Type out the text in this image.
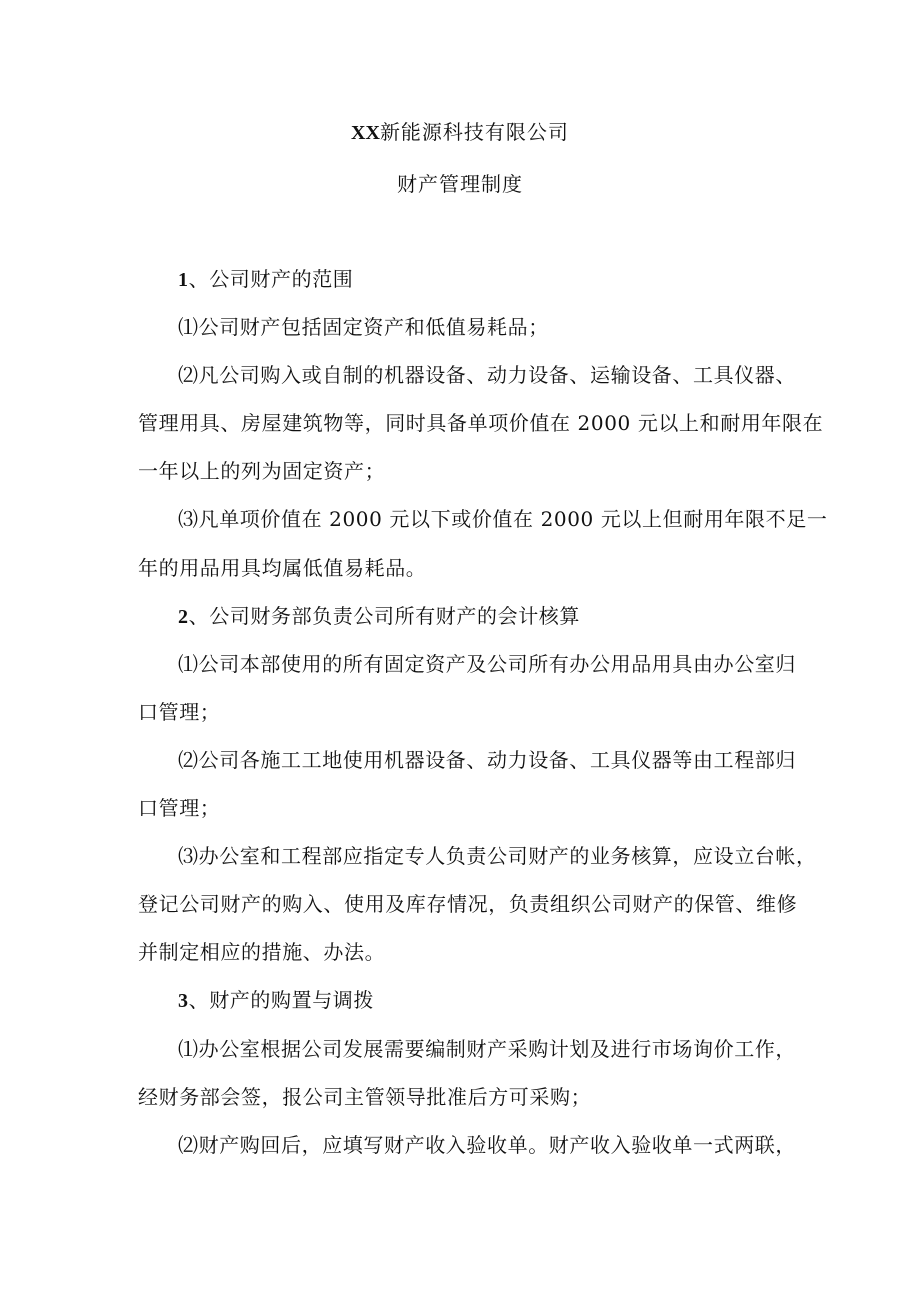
XX新能源科技有限公司
财产管理制度
1、公司财产的范围
⑴公司财产包括固定资产和低值易耗品；
⑵凡公司购入或自制的机器设备、动力设备、运输设备、工具仪器、
管理用具、房屋建筑物等，同时具备单项价值在 2000 元以上和耐用年限在
一年以上的列为固定资产；
⑶凡单项价值在 2000 元以下或价值在 2000 元以上但耐用年限不足一
年的用品用具均属低值易耗品。
2、公司财务部负责公司所有财产的会计核算
⑴公司本部使用的所有固定资产及公司所有办公用品用具由办公室归
口管理；
⑵公司各施工工地使用机器设备、动力设备、工具仪器等由工程部归
口管理；
⑶办公室和工程部应指定专人负责公司财产的业务核算，应设立台帐，
登记公司财产的购入、使用及库存情况，负责组织公司财产的保管、维修
并制定相应的措施、办法。
3、财产的购置与调拨
⑴办公室根据公司发展需要编制财产采购计划及进行市场询价工作，
经财务部会签，报公司主管领导批准后方可采购；
⑵财产购回后，应填写财产收入验收单。财产收入验收单一式两联，
